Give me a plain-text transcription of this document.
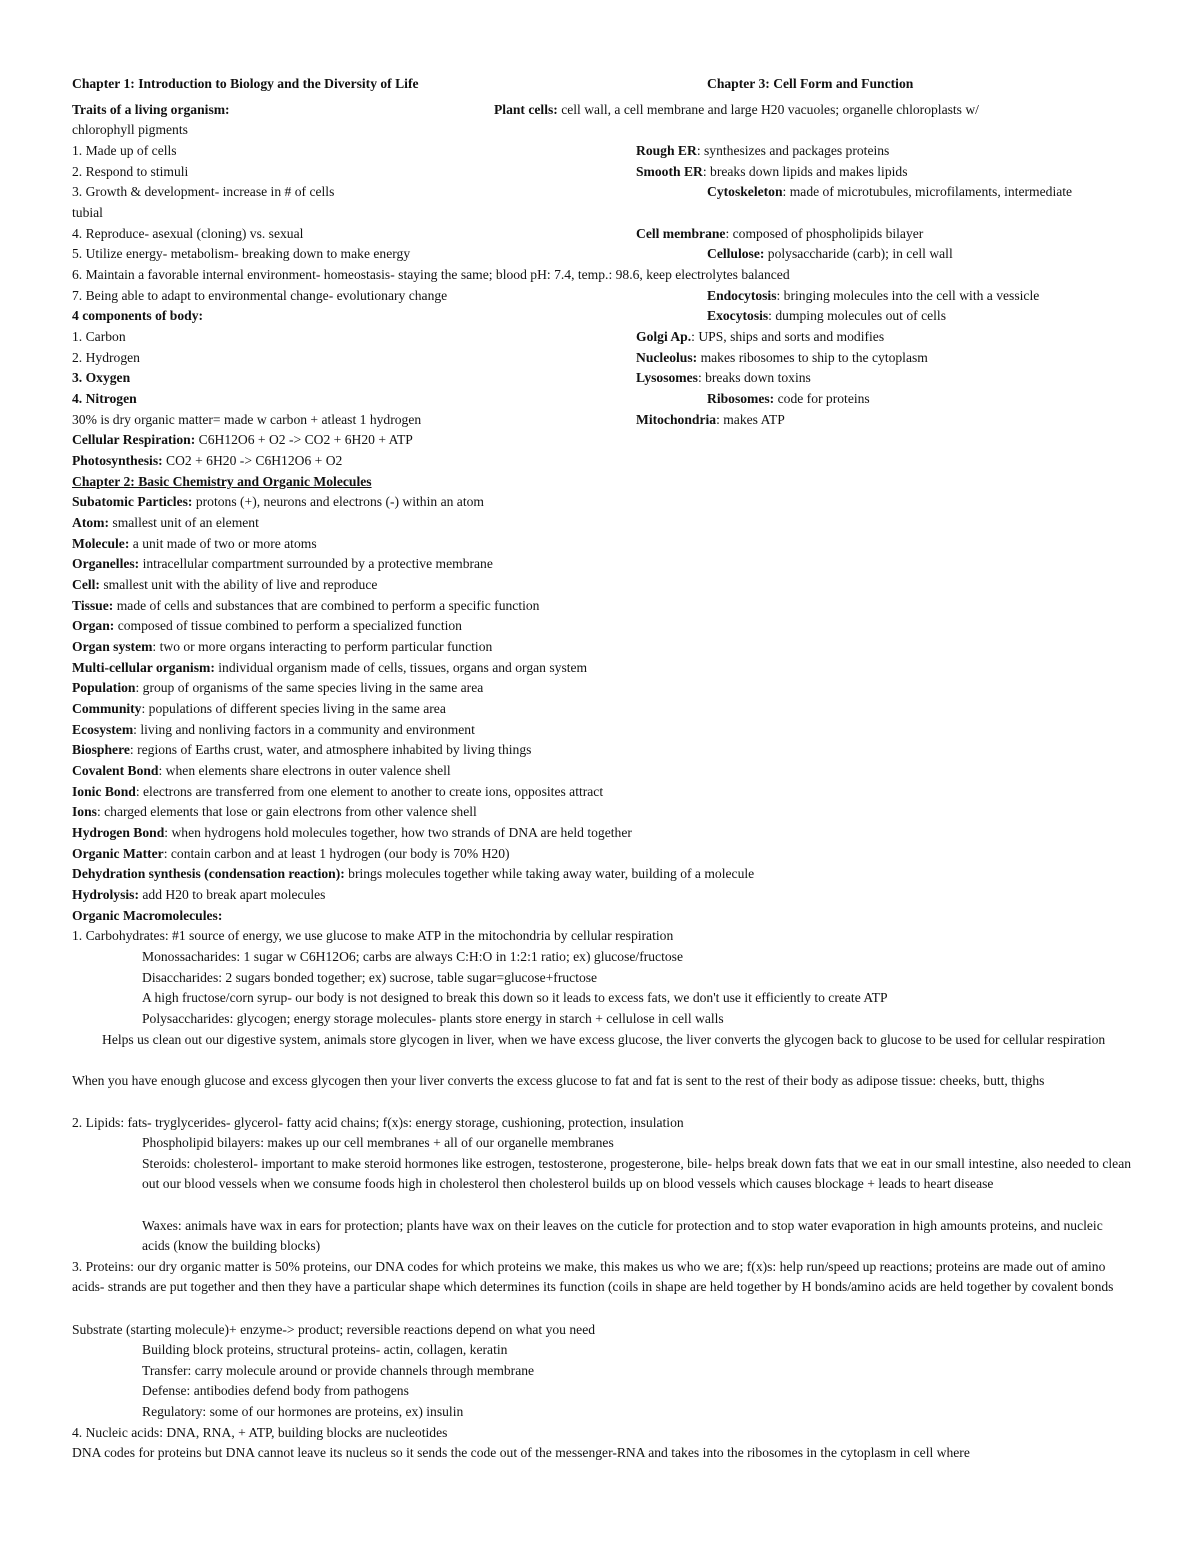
Chapter 1: Introduction to Biology and the Diversity of Life	Chapter 3: Cell Form and Function
Traits of a living organism:	Plant cells: cell wall, a cell membrane and large H20 vacuoles; organelle chloroplasts w/
chlorophyll pigments
1. Made up of cells
2. Respond to stimuli
3. Growth & development- increase in # of cells
tubial
4. Reproduce- asexual (cloning) vs. sexual
5. Utilize energy- metabolism- breaking down to make energy
6. Maintain a favorable internal environment- homeostasis- staying the same; blood pH: 7.4, temp.: 98.6, keep electrolytes balanced
7. Being able to adapt to environmental change- evolutionary change
Rough ER: synthesizes and packages proteins
Smooth ER: breaks down lipids and makes lipids
Cytoskeleton: made of microtubules, microfilaments, intermediate
Cell membrane: composed of phospholipids bilayer
Cellulose: polysaccharide (carb); in cell wall
Endocytosis: bringing molecules into the cell with a vessicle
Exocytosis: dumping molecules out of cells
Golgi Ap.: UPS, ships and sorts and modifies
Nucleolus: makes ribosomes to ship to the cytoplasm
Lysosomes: breaks down toxins
Ribosomes: code for proteins
Mitochondria: makes ATP
4 components of body:
1. Carbon
2. Hydrogen
3. Oxygen
4. Nitrogen
30% is dry organic matter= made w carbon + atleast 1 hydrogen
Cellular Respiration: C6H12O6 + O2 -> CO2 + 6H20 + ATP
Photosynthesis: CO2 + 6H20 -> C6H12O6 + O2
Chapter 2: Basic Chemistry and Organic Molecules
Subatomic Particles: protons (+), neurons and electrons (-) within an atom
Atom: smallest unit of an element
Molecule: a unit made of two or more atoms
Organelles: intracellular compartment surrounded by a protective membrane
Cell: smallest unit with the ability of live and reproduce
Tissue: made of cells and substances that are combined to perform a specific function
Organ: composed of tissue combined to perform a specialized function
Organ system: two or more organs interacting to perform particular function
Multi-cellular organism: individual organism made of cells, tissues, organs and organ system
Population: group of organisms of the same species living in the same area
Community: populations of different species living in the same area
Ecosystem: living and nonliving factors in a community and environment
Biosphere: regions of Earths crust, water, and atmosphere inhabited by living things
Covalent Bond: when elements share electrons in outer valence shell
Ionic Bond: electrons are transferred from one element to another to create ions, opposites attract
Ions: charged elements that lose or gain electrons from other valence shell
Hydrogen Bond: when hydrogens hold molecules together, how two strands of DNA are held together
Organic Matter: contain carbon and at least 1 hydrogen (our body is 70% H20)
Dehydration synthesis (condensation reaction): brings molecules together while taking away water, building of a molecule
Hydrolysis: add H20 to break apart molecules
Organic Macromolecules:
1. Carbohydrates: #1 source of energy, we use glucose to make ATP in the mitochondria by cellular respiration
Monossacharides: 1 sugar w C6H12O6; carbs are always C:H:O in 1:2:1 ratio; ex) glucose/fructose
Disaccharides: 2 sugars bonded together; ex) sucrose, table sugar=glucose+fructose
A high fructose/corn syrup- our body is not designed to break this down so it leads to excess fats, we don't use it efficiently to create ATP
Polysaccharides: glycogen; energy storage molecules- plants store energy in starch + cellulose in cell walls
Helps us clean out our digestive system, animals store glycogen in liver, when we have excess glucose, the liver converts the glycogen back to glucose to be used for cellular respiration
When you have enough glucose and excess glycogen then your liver converts the excess glucose to fat and fat is sent to the rest of their body as adipose tissue: cheeks, butt, thighs
2. Lipids: fats- tryglycerides- glycerol- fatty acid chains; f(x)s: energy storage, cushioning, protection, insulation
Phospholipid bilayers: makes up our cell membranes + all of our organelle membranes
Steroids: cholesterol- important to make steroid hormones like estrogen, testosterone, progesterone, bile- helps break down fats that we eat in our small intestine, also needed to clean out our blood vessels when we consume foods high in cholesterol then cholesterol builds up on blood vessels which causes blockage + leads to heart disease
Waxes: animals have wax in ears for protection; plants have wax on their leaves on the cuticle for protection and to stop water evaporation in high amounts proteins, and nucleic acids (know the building blocks)
3. Proteins: our dry organic matter is 50% proteins, our DNA codes for which proteins we make, this makes us who we are; f(x)s: help run/speed up reactions; proteins are made out of amino acids- strands are put together and then they have a particular shape which determines its function (coils in shape are held together by H bonds/amino acids are held together by covalent bonds
Substrate (starting molecule)+ enzyme-> product; reversible reactions depend on what you need
Building block proteins, structural proteins- actin, collagen, keratin
Transfer: carry molecule around or provide channels through membrane
Defense: antibodies defend body from pathogens
Regulatory: some of our hormones are proteins, ex) insulin
4. Nucleic acids: DNA, RNA, + ATP, building blocks are nucleotides
DNA codes for proteins but DNA cannot leave its nucleus so it sends the code out of the messenger-RNA and takes into the ribosomes in the cytoplasm in cell where
